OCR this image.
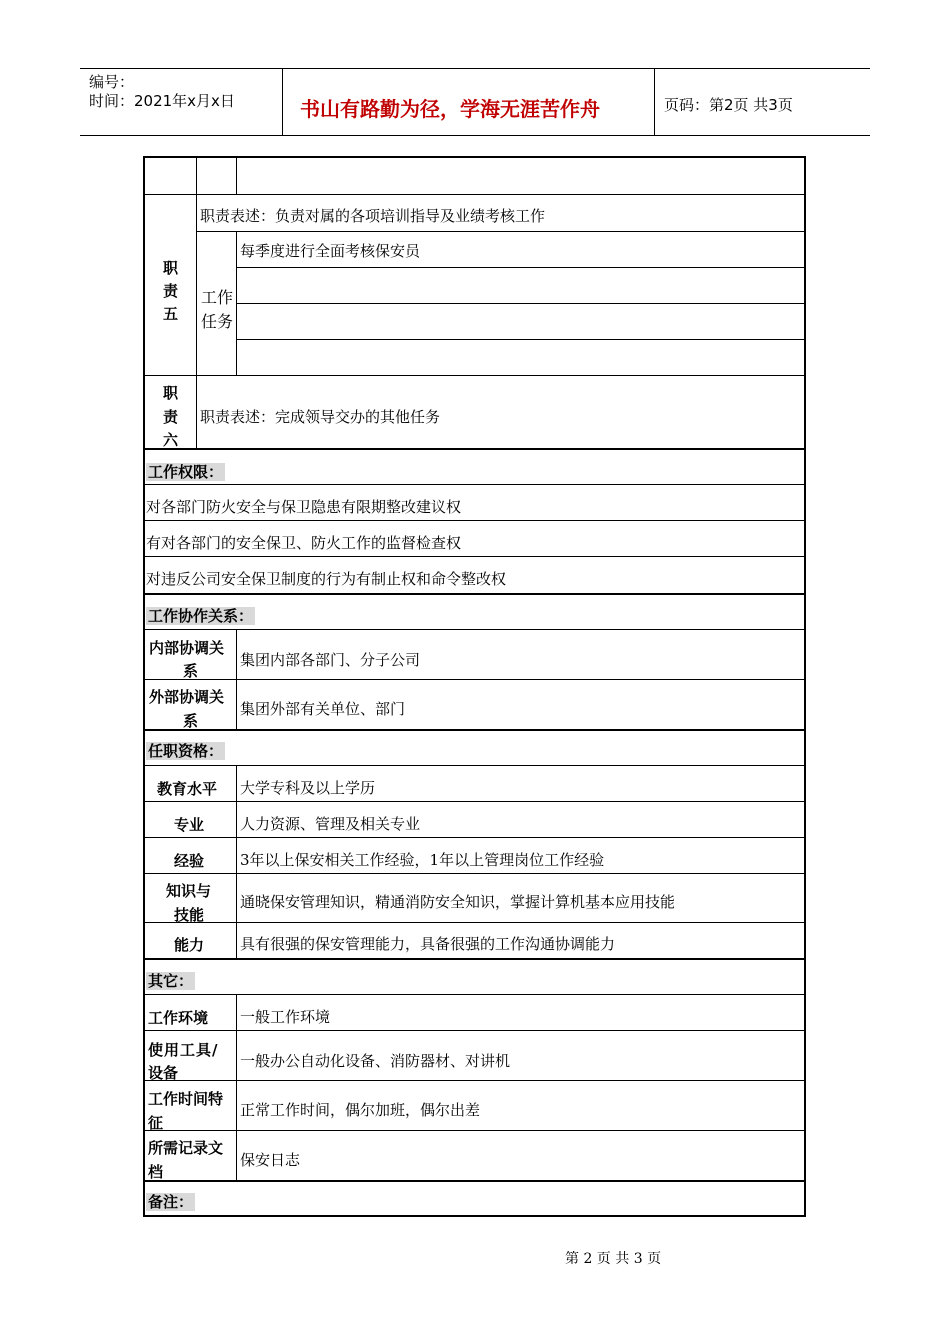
编号：
时间：2021年x月x日	书山有路勤为径，学海无涯苦作舟	页码：第2页 共3页
职
责
五
职责表述：负责对属的各项培训指导及业绩考核工作
工作
任务
每季度进行全面考核保安员
职
责
六
职责表述：完成领导交办的其他任务
工作权限：
对各部门防火安全与保卫隐患有限期整改建议权
有对各部门的安全保卫、防火工作的监督检查权
对违反公司安全保卫制度的行为有制止权和命令整改权
工作协作关系：
内部协调关
系
集团内部各部门、分子公司
外部协调关
系
集团外部有关单位、部门
任职资格：
教育水平 大学专科及以上学历
专业 人力资源、管理及相关专业
经验 3年以上保安相关工作经验，1年以上管理岗位工作经验
知识与
技能
通晓保安管理知识，精通消防安全知识，掌握计算机基本应用技能
能力 具有很强的保安管理能力，具备很强的工作沟通协调能力
其它：
工作环境 一般工作环境
使用工具/
设备
一般办公自动化设备、消防器材、对讲机
工作时间特
征
正常工作时间，偶尔加班，偶尔出差
所需记录文
档
保安日志
备注：
第 2 页 共 3 页
